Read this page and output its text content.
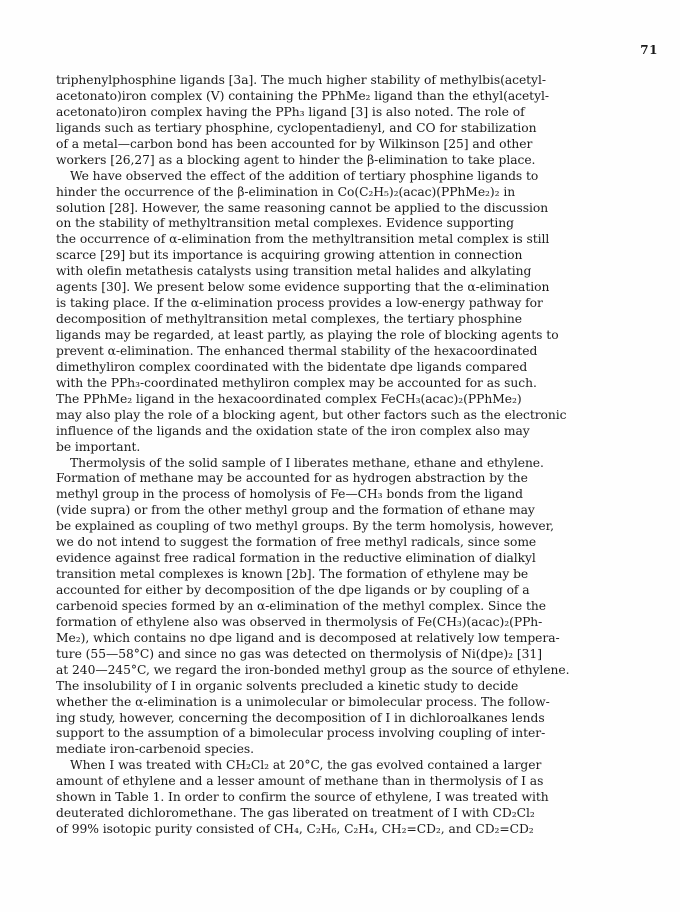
71
triphenylphosphine ligands [3a]. The much higher stability of methylbis(acetyl-
acetonato)iron complex (V) containing the PPhMe₂ ligand than the ethyl(acetyl-
acetonato)iron complex having the PPh₃ ligand [3] is also noted. The role of
ligands such as tertiary phosphine, cyclopentadienyl, and CO for stabilization
of a metal—carbon bond has been accounted for by Wilkinson [25] and other
workers [26,27] as a blocking agent to hinder the β-elimination to take place.
We have observed the effect of the addition of tertiary phosphine ligands to
hinder the occurrence of the β-elimination in Co(C₂H₅)₂(acac)(PPhMe₂)₂ in
solution [28]. However, the same reasoning cannot be applied to the discussion
on the stability of methyltransition metal complexes. Evidence supporting
the occurrence of α-elimination from the methyltransition metal complex is still
scarce [29] but its importance is acquiring growing attention in connection
with olefin metathesis catalysts using transition metal halides and alkylating
agents [30]. We present below some evidence supporting that the α-elimination
is taking place. If the α-elimination process provides a low-energy pathway for
decomposition of methyltransition metal complexes, the tertiary phosphine
ligands may be regarded, at least partly, as playing the role of blocking agents to
prevent α-elimination. The enhanced thermal stability of the hexacoordinated
dimethyliron complex coordinated with the bidentate dpe ligands compared
with the PPh₃-coordinated methyliron complex may be accounted for as such.
The PPhMe₂ ligand in the hexacoordinated complex FeCH₃(acac)₂(PPhMe₂)
may also play the role of a blocking agent, but other factors such as the electronic
influence of the ligands and the oxidation state of the iron complex also may
be important.
Thermolysis of the solid sample of I liberates methane, ethane and ethylene.
Formation of methane may be accounted for as hydrogen abstraction by the
methyl group in the process of homolysis of Fe—CH₃ bonds from the ligand
(vide supra) or from the other methyl group and the formation of ethane may
be explained as coupling of two methyl groups. By the term homolysis, however,
we do not intend to suggest the formation of free methyl radicals, since some
evidence against free radical formation in the reductive elimination of dialkyl
transition metal complexes is known [2b]. The formation of ethylene may be
accounted for either by decomposition of the dpe ligands or by coupling of a
carbenoid species formed by an α-elimination of the methyl complex. Since the
formation of ethylene also was observed in thermolysis of Fe(CH₃)(acac)₂(PPh-
Me₂), which contains no dpe ligand and is decomposed at relatively low tempera-
ture (55—58°C) and since no gas was detected on thermolysis of Ni(dpe)₂ [31]
at 240—245°C, we regard the iron-bonded methyl group as the source of ethylene.
The insolubility of I in organic solvents precluded a kinetic study to decide
whether the α-elimination is a unimolecular or bimolecular process. The follow-
ing study, however, concerning the decomposition of I in dichloroalkanes lends
support to the assumption of a bimolecular process involving coupling of inter-
mediate iron-carbenoid species.
When I was treated with CH₂Cl₂ at 20°C, the gas evolved contained a larger
amount of ethylene and a lesser amount of methane than in thermolysis of I as
shown in Table 1. In order to confirm the source of ethylene, I was treated with
deuterated dichloromethane. The gas liberated on treatment of I with CD₂Cl₂
of 99% isotopic purity consisted of CH₄, C₂H₆, C₂H₄, CH₂=CD₂, and CD₂=CD₂
